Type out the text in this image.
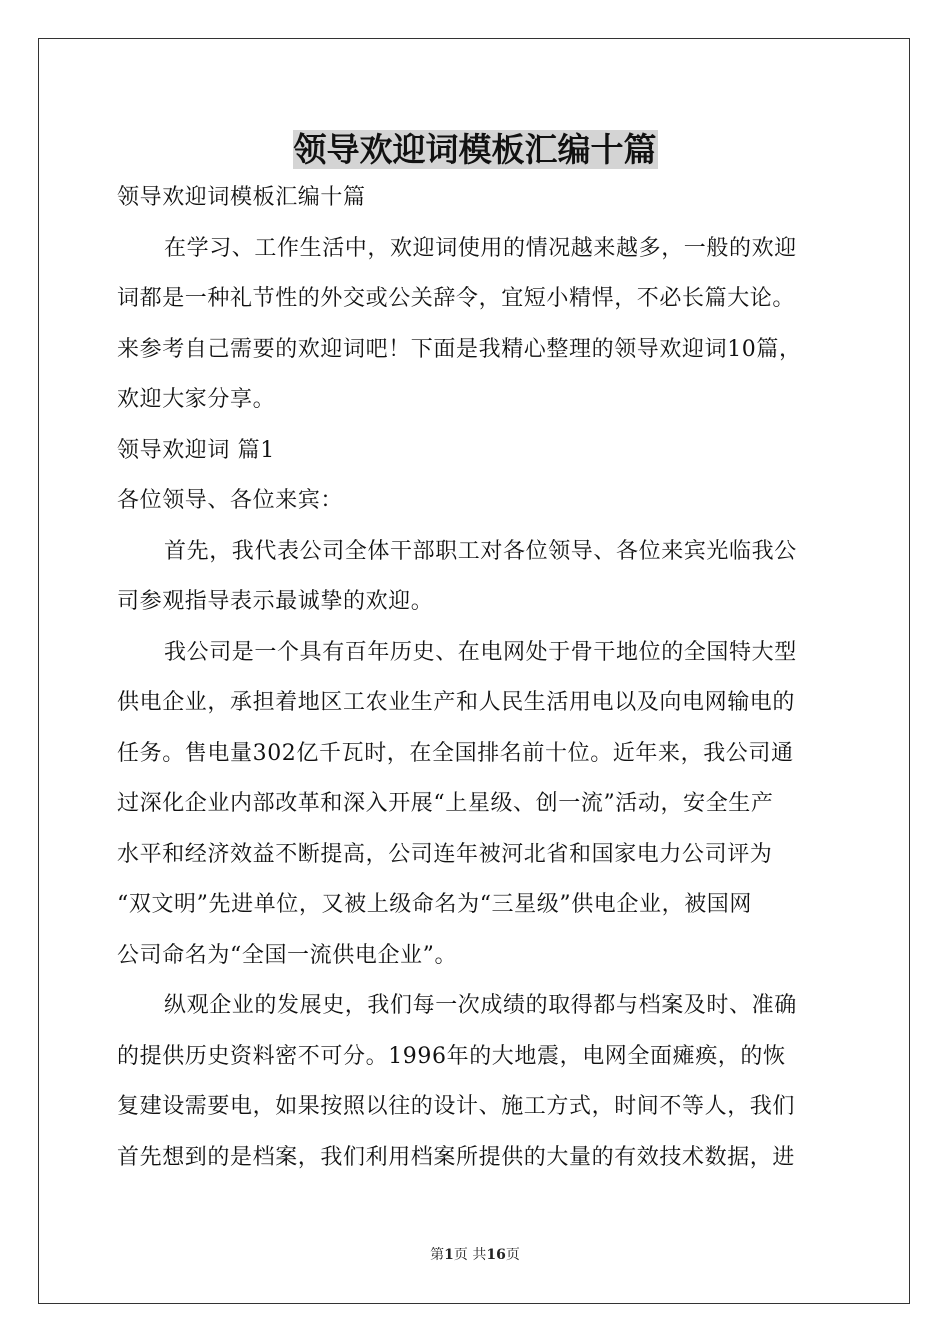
领导欢迎词模板汇编十篇

领导欢迎词模板汇编十篇

在学习、工作生活中，欢迎词使用的情况越来越多，一般的欢迎

词都是一种礼节性的外交或公关辞令，宜短小精悍，不必长篇大论。

来参考自己需要的欢迎词吧！下面是我精心整理的领导欢迎词10篇，

欢迎大家分享。

领导欢迎词 篇1

各位领导、各位来宾：

首先，我代表公司全体干部职工对各位领导、各位来宾光临我公

司参观指导表示最诚挚的欢迎。

我公司是一个具有百年历史、在电网处于骨干地位的全国特大型

供电企业，承担着地区工农业生产和人民生活用电以及向电网输电的

任务。售电量302亿千瓦时，在全国排名前十位。近年来，我公司通

过深化企业内部改革和深入开展“上星级、创一流”活动，安全生产

水平和经济效益不断提高，公司连年被河北省和国家电力公司评为

“双文明”先进单位，又被上级命名为“三星级”供电企业，被国网

公司命名为“全国一流供电企业”。

纵观企业的发展史，我们每一次成绩的取得都与档案及时、准确

的提供历史资料密不可分。1996年的大地震，电网全面瘫痪，的恢

复建设需要电，如果按照以往的设计、施工方式，时间不等人，我们

首先想到的是档案，我们利用档案所提供的大量的有效技术数据，进

第1页 共16页
